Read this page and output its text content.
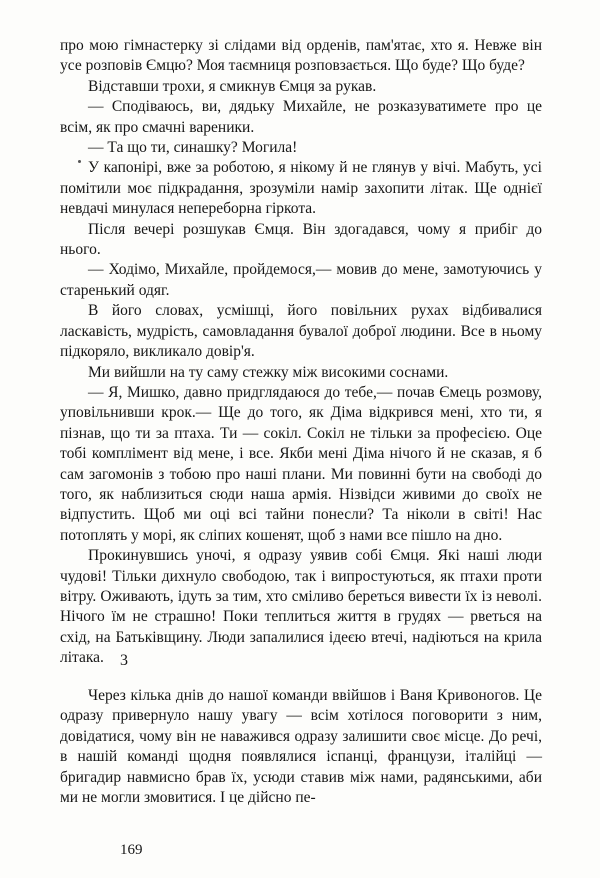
про мою гімнастерку зі слідами від орденів, пам'ятає, хто я. Невже він усе розповів Ємцю? Моя таємниця розповзається. Що буде? Що буде?

Відставши трохи, я смикнув Ємця за рукав.

— Сподіваюсь, ви, дядьку Михайле, не розказуватимете про це всім, як про смачні вареники.

— Та що ти, синашку? Могила!

У капонірі, вже за роботою, я нікому й не глянув у вічі. Мабуть, усі помітили моє підкрадання, зрозуміли намір захопити літак. Ще однієї невдачі минулася непереборна гіркота.

Після вечері розшукав Ємця. Він здогадався, чому я прибіг до нього.

— Ходімо, Михайле, пройдемося,— мовив до мене, замотуючись у старенький одяг.

В його словах, усмішці, його повільних рухах відбивалися ласкавість, мудрість, самовладання бувалої доброї людини. Все в ньому підкоряло, викликало довір'я.

Ми вийшли на ту саму стежку між високими соснами.

— Я, Мишко, давно придглядаюся до тебе,— почав Ємець розмову, уповільнивши крок.— Ще до того, як Діма відкрився мені, хто ти, я пізнав, що ти за птаха. Ти — сокіл. Сокіл не тільки за професією. Оце тобі комплімент від мене, і все. Якби мені Діма нічого й не сказав, я б сам загомонів з тобою про наші плани. Ми повинні бути на свободі до того, як наблизиться сюди наша армія. Нізвідси живими до своїх не відпустить. Щоб ми оці всі тайни понесли? Та ніколи в світі! Нас потоплять у морі, як сліпих кошенят, щоб з нами все пішло на дно.

Прокинувшись уночі, я одразу уявив собі Ємця. Які наші люди чудові! Тільки дихнуло свободою, так і випростуються, як птахи проти вітру. Оживають, ідуть за тим, хто сміливо береться вивести їх із неволі. Нічого їм не страшно! Поки теплиться життя в грудях — рветься на схід, на Батьківщину. Люди запалилися ідеєю втечі, надіються на крила літака.	3

Через кілька днів до нашої команди ввійшов і Ваня Кривоногов. Це одразу привернуло нашу увагу — всім хотілося поговорити з ним, довідатися, чому він не наважився одразу залишити своє місце. До речі, в нашій команді щодня появлялися іспанці, французи, італійці — бригадир навмисно брав їх, усюди ставив між нами, радянськими, аби ми не могли змовитися. І це дійсно пе-

169
